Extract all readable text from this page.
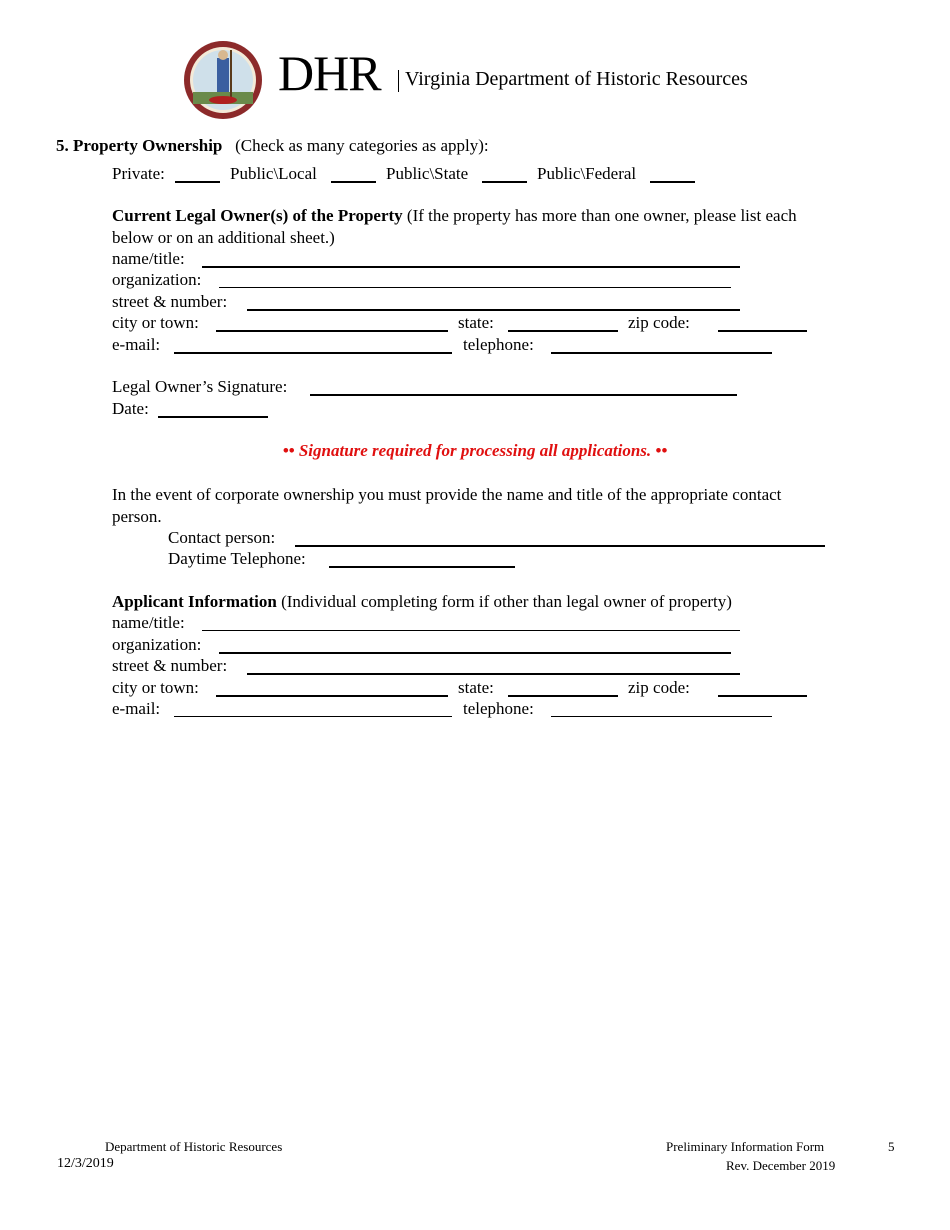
DHR Virginia Department of Historic Resources
5. Property Ownership (Check as many categories as apply):
Private:	Public\Local	Public\State	Public\Federal
Current Legal Owner(s) of the Property (If the property has more than one owner, please list each
below or on an additional sheet.)
name/title:
organization:
street & number:
city or town:	state:	zip code:
e-mail:	telephone:
Legal Owner’s Signature:
Date:
•• Signature required for processing all applications. ••
In the event of corporate ownership you must provide the name and title of the appropriate contact
person.
Contact person:
Daytime Telephone:
Applicant Information (Individual completing form if other than legal owner of property)
name/title:
organization:
street & number:
city or town:	state:	zip code:
e-mail:	telephone:
Department of Historic Resources
12/3/2019
Preliminary Information Form	5
Rev. December 2019
